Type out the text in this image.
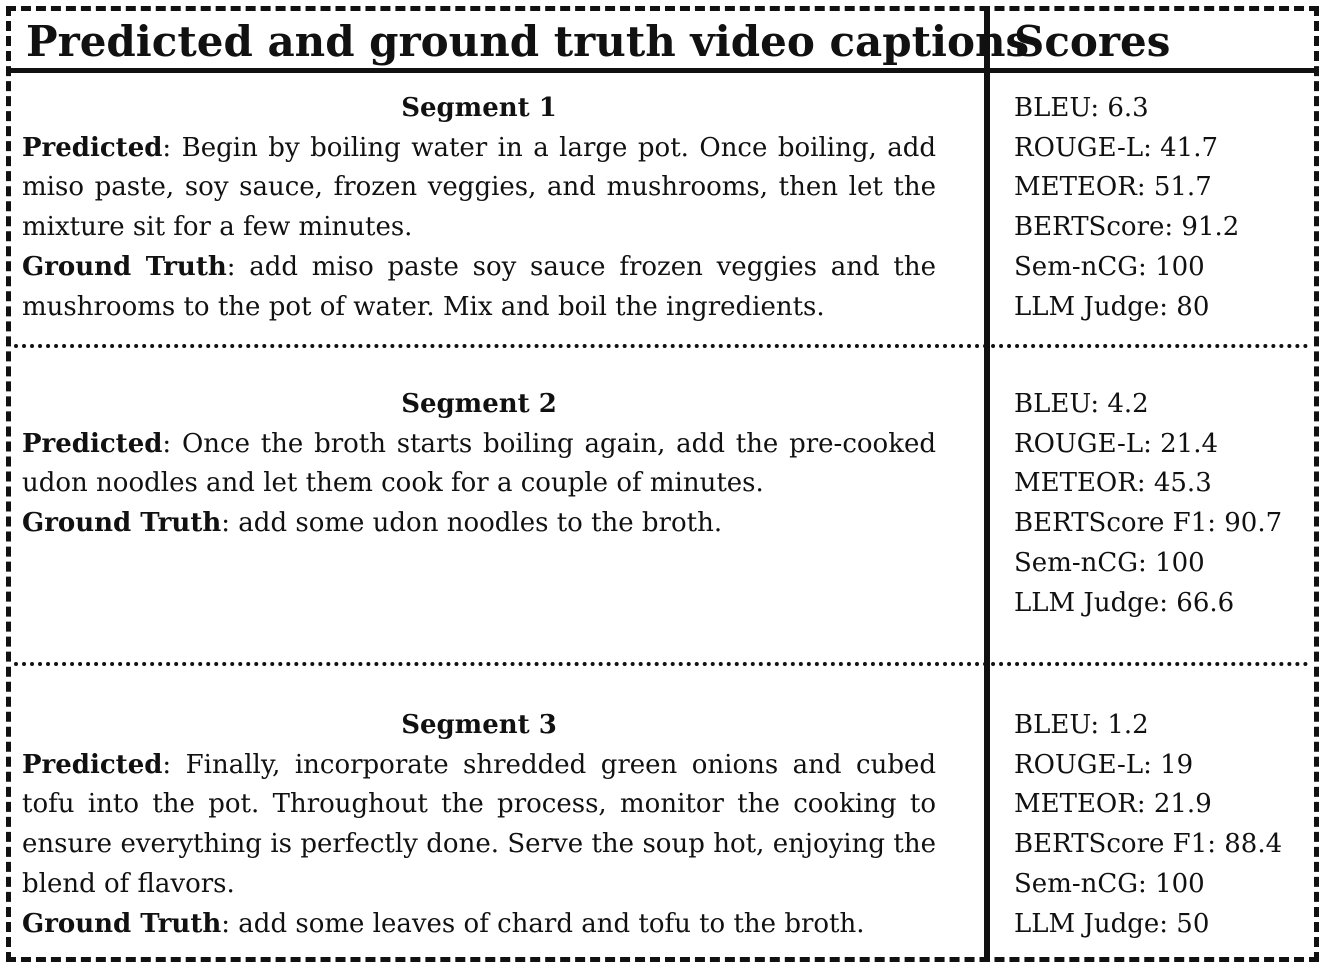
Predicted and ground truth video captions
Scores
Segment 1

Predicted: Begin by boiling water in a large pot. Once boiling, add miso paste, soy sauce, frozen veggies, and mushrooms, then let the mixture sit for a few minutes.

Ground Truth: add miso paste soy sauce frozen veggies and the mushrooms to the pot of water. Mix and boil the ingredients.

BLEU: 6.3
ROUGE-L: 41.7
METEOR: 51.7
BERTScore: 91.2
Sem-nCG: 100
LLM Judge: 80
Segment 2

Predicted: Once the broth starts boiling again, add the pre-cooked udon noodles and let them cook for a couple of minutes.

Ground Truth: add some udon noodles to the broth.

BLEU: 4.2
ROUGE-L: 21.4
METEOR: 45.3
BERTScore F1: 90.7
Sem-nCG: 100
LLM Judge: 66.6
Segment 3

Predicted: Finally, incorporate shredded green onions and cubed tofu into the pot. Throughout the process, monitor the cooking to ensure everything is perfectly done. Serve the soup hot, enjoying the blend of flavors.

Ground Truth: add some leaves of chard and tofu to the broth.

BLEU: 1.2
ROUGE-L: 19
METEOR: 21.9
BERTScore F1: 88.4
Sem-nCG: 100
LLM Judge: 50
